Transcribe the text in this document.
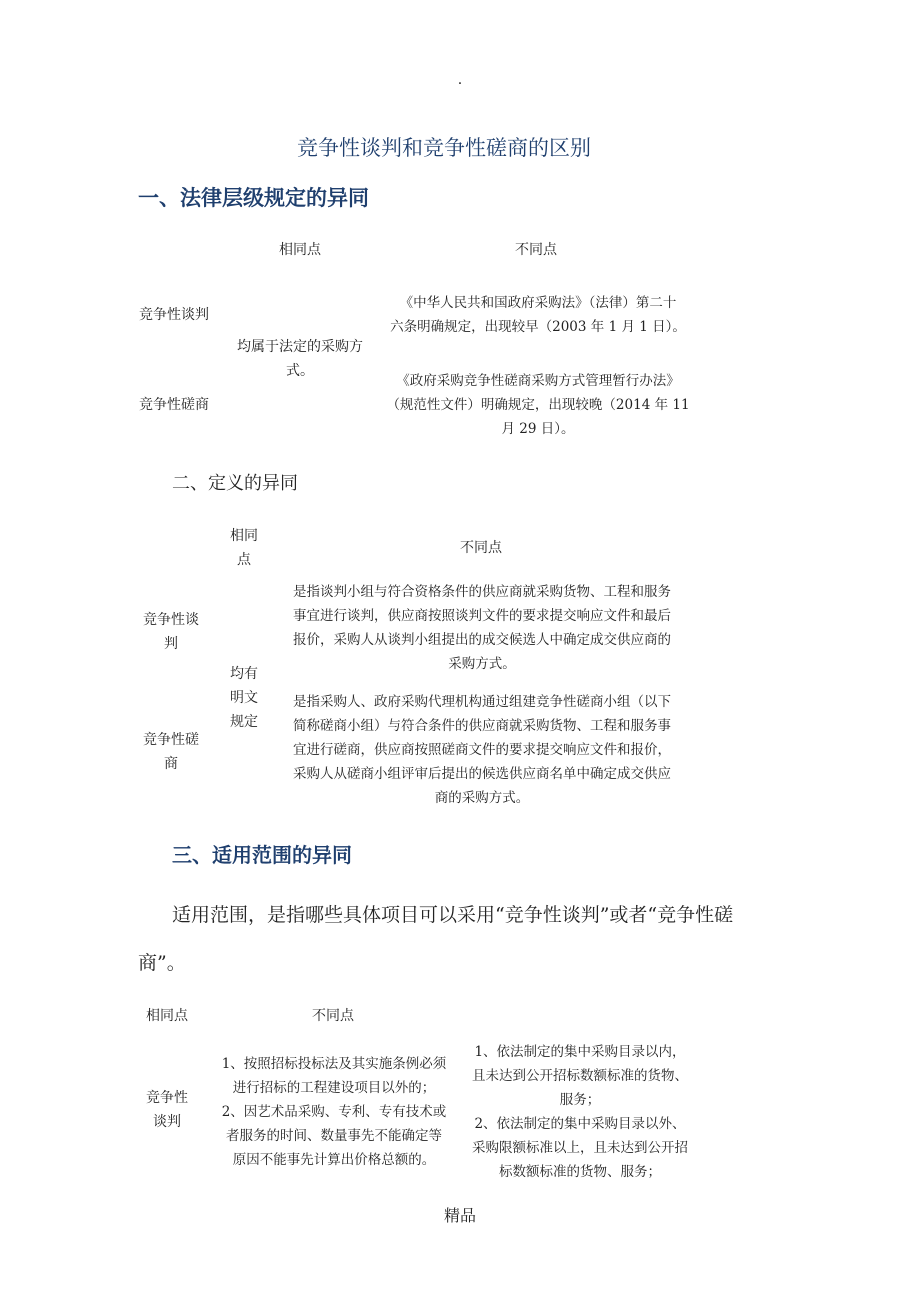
.
竞争性谈判和竞争性磋商的区别
一、法律层级规定的异同
相同点	不同点
竞争性谈判
竞争性磋商

均属于法定的采购方

式。

《中华人民共和国政府采购法》（法律）第二十

六条明确规定，出现较早（2003 年 1 月 1 日）。

《政府采购竞争性磋商采购方式管理暂行办法》

（规范性文件）明确规定，出现较晚（2014 年 11

月 29 日）。

二、定义的异同

相同

点

不同点

竞争性谈

判

竞争性磋

商

均有

明文

规定

是指谈判小组与符合资格条件的供应商就采购货物、工程和服务

事宜进行谈判，供应商按照谈判文件的要求提交响应文件和最后

报价，采购人从谈判小组提出的成交候选人中确定成交供应商的

采购方式。

是指采购人、政府采购代理机构通过组建竞争性磋商小组（以下

简称磋商小组）与符合条件的供应商就采购货物、工程和服务事

宜进行磋商，供应商按照磋商文件的要求提交响应文件和报价，

采购人从磋商小组评审后提出的候选供应商名单中确定成交供应

商的采购方式。

三、适用范围的异同
适用范围，是指哪些具体项目可以采用“竞争性谈判”或者“竞争性磋
商”。
相同点	不同点

竞争性

谈判

1、按照招标投标法及其实施条例必须

进行招标的工程建设项目以外的；

2、因艺术品采购、专利、专有技术或

者服务的时间、数量事先不能确定等

原因不能事先计算出价格总额的。

1、依法制定的集中采购目录以内，

且未达到公开招标数额标准的货物、

服务；

2、依法制定的集中采购目录以外、

采购限额标准以上，且未达到公开招

标数额标准的货物、服务；

精品
